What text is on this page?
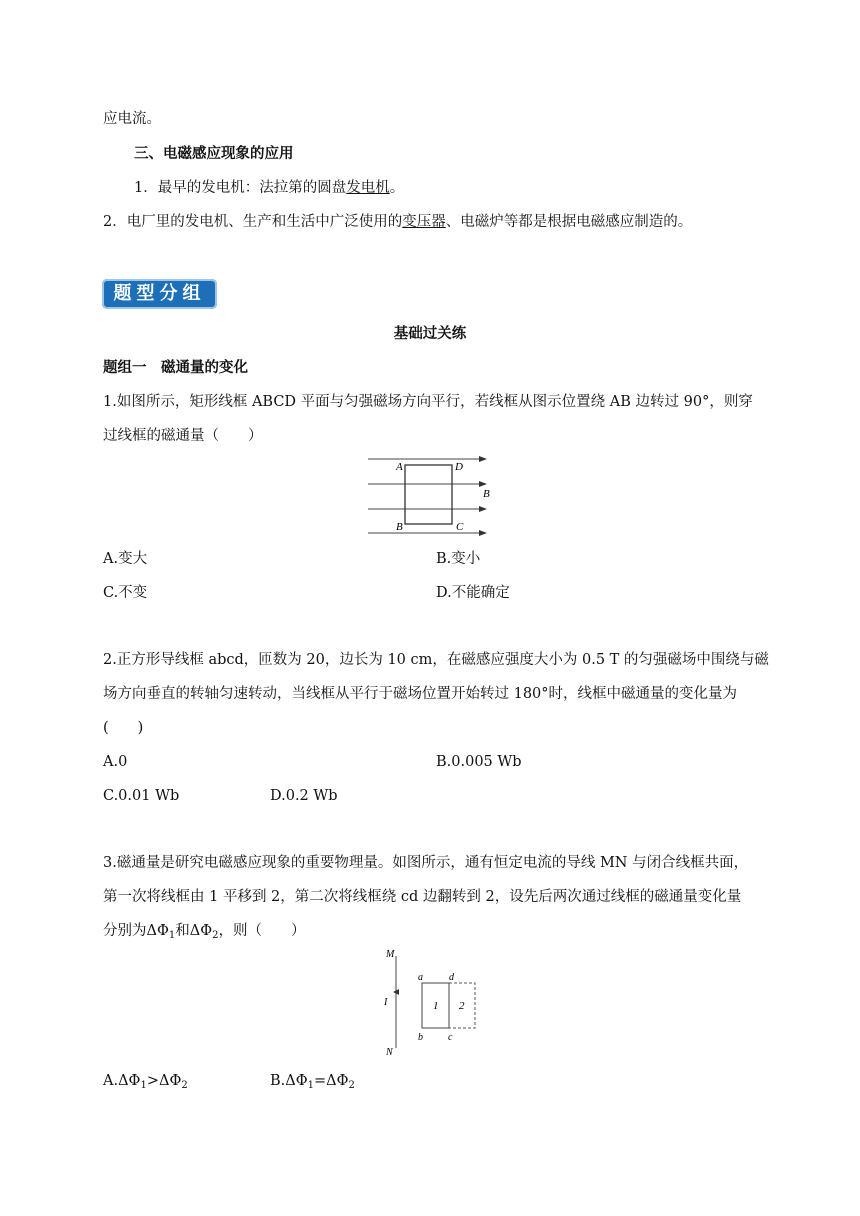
应电流。
三、电磁感应现象的应用
1．最早的发电机：法拉第的圆盘发电机。
2．电厂里的发电机、生产和生活中广泛使用的变压器、电磁炉等都是根据电磁感应制造的。
题型分组
基础过关练
题组一　磁通量的变化
1.如图所示，矩形线框 ABCD 平面与匀强磁场方向平行，若线框从图示位置绕 AB 边转过 90°，则穿
过线框的磁通量（　　）
A	D
B
B	C
A.变大	B.变小
C.不变	D.不能确定
2.正方形导线框 abcd，匝数为 20，边长为 10 cm，在磁感应强度大小为 0.5 T 的匀强磁场中围绕与磁
场方向垂直的转轴匀速转动，当线框从平行于磁场位置开始转过 180°时，线框中磁通量的变化量为
(　　)
A.0	B.0.005 Wb
C.0.01 Wb	D.0.2 Wb
3.磁通量是研究电磁感应现象的重要物理量。如图所示，通有恒定电流的导线 MN 与闭合线框共面，
第一次将线框由 1 平移到 2，第二次将线框绕 cd 边翻转到 2，设先后两次通过线框的磁通量变化量
分别为$\Delta\Phi_1$和$\Delta\Phi_2$，则（　　）
M
I
N
a	d
b	c
1 2
$A.\Delta\Phi_1>\Delta\Phi_2$	$B.\Delta\Phi_1=\Delta\Phi_2$
